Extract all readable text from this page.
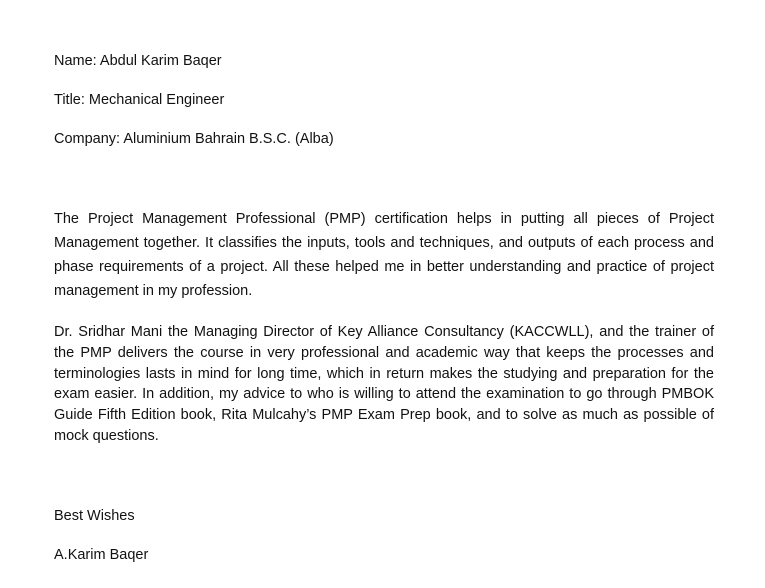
Name: Abdul Karim Baqer

Title: Mechanical Engineer

Company: Aluminium Bahrain B.S.C. (Alba)

The Project Management Professional (PMP) certification helps in putting all pieces of Project Management together. It classifies the inputs, tools and techniques, and outputs of each process and phase requirements of a project. All these helped me in better understanding and practice of project management in my profession.

Dr. Sridhar Mani the Managing Director of Key Alliance Consultancy (KACCWLL), and the trainer of the PMP delivers the course in very professional and academic way that keeps the processes and terminologies lasts in mind for long time, which in return makes the studying and preparation for the exam easier. In addition, my advice to who is willing to attend the examination to go through PMBOK Guide Fifth Edition book, Rita Mulcahy’s PMP Exam Prep book, and to solve as much as possible of mock questions.

Best Wishes

A.Karim Baqer
